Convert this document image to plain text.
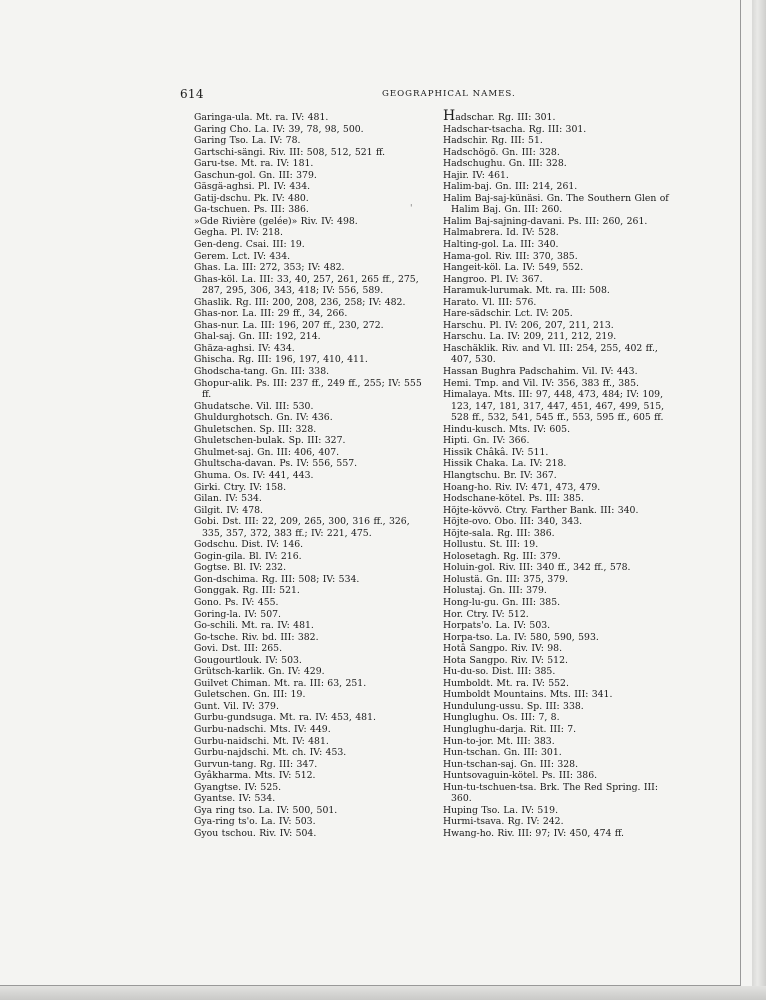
614	GEOGRAPHICAL NAMES.
'
Garinga-ula. Mt. ra. IV: 481.
Garing Cho. La. IV: 39, 78, 98, 500.
Garing Tso. La. IV: 78.
Gartschi-sängi. Riv. III: 508, 512, 521 ff.
Garu-tse. Mt. ra. IV: 181.
Gaschun-gol. Gn. III: 379.
Gäsgä-aghsi. Pl. IV: 434.
Gatij-dschu. Pk. IV: 480.
Ga-tschuen. Ps. III: 386.
»Gde Rivière (gelée)» Riv. IV: 498.
Gegha. Pl. IV: 218.
Gen-deng. Csai. III: 19.
Gerem. Lct. IV: 434.
Ghas. La. III: 272, 353; IV: 482.
Ghas-köl. La. III: 33, 40, 257, 261, 265 ff., 275, 287, 295, 306, 343, 418; IV: 556, 589.
Ghaslik. Rg. III: 200, 208, 236, 258; IV: 482.
Ghas-nor. La. III: 29 ff., 34, 266.
Ghas-nur. La. III: 196, 207 ff., 230, 272.
Ghal-saj. Gn. III: 192, 214.
Ghäza-aghsi. IV: 434.
Ghischa. Rg. III: 196, 197, 410, 411.
Ghodscha-tang. Gn. III: 338.
Ghopur-alik. Ps. III: 237 ff., 249 ff., 255; IV: 555 ff.
Ghudatsche. Vil. III: 530.
Ghuldurghotsch. Gn. IV: 436.
Ghuletschen. Sp. III: 328.
Ghuletschen-bulak. Sp. III: 327.
Ghulmet-saj. Gn. III: 406, 407.
Ghultscha-davan. Ps. IV: 556, 557.
Ghuma. Os. IV: 441, 443.
Girki. Ctry. IV: 158.
Gilan. IV: 534.
Gilgit. IV: 478.
Gobi. Dst. III: 22, 209, 265, 300, 316 ff., 326, 335, 357, 372, 383 ff.; IV: 221, 475.
Godschu. Dist. IV: 146.
Gogin-gila. Bl. IV: 216.
Gogtse. Bl. IV: 232.
Gon-dschima. Rg. III: 508; IV: 534.
Gonggak. Rg. III: 521.
Gono. Ps. IV: 455.
Goring-la. IV: 507.
Go-schili. Mt. ra. IV: 481.
Go-tsche. Riv. bd. III: 382.
Govi. Dst. III: 265.
Gougourtlouk. IV: 503.
Grütsch-karlik. Gn. IV: 429.
Guilvet Chiman. Mt. ra. III: 63, 251.
Guletschen. Gn. III: 19.
Gunt. Vil. IV: 379.
Gurbu-gundsuga. Mt. ra. IV: 453, 481.
Gurbu-nadschi. Mts. IV: 449.
Gurbu-naidschi. Mt. IV: 481.
Gurbu-najdschi. Mt. ch. IV: 453.
Gurvun-tang. Rg. III: 347.
Gyâkharma. Mts. IV: 512.
Gyangtse. IV: 525.
Gyantse. IV: 534.
Gya ring tso. La. IV: 500, 501.
Gya-ring ts'o. La. IV: 503.
Gyou tschou. Riv. IV: 504.
Hadschar. Rg. III: 301.
Hadschar-tsacha. Rg. III: 301.
Hadschir. Rg. III: 51.
Hadschögö. Gn. III: 328.
Hadschughu. Gn. III: 328.
Hajir. IV: 461.
Halim-baj. Gn. III: 214, 261.
Halim Baj-saj-künäsi. Gn. The Southern Glen of Halim Baj. Gn. III: 260.
Halim Baj-sajning-davani. Ps. III: 260, 261.
Halmabrera. Id. IV: 528.
Halting-gol. La. III: 340.
Hama-gol. Riv. III: 370, 385.
Hangeit-köl. La. IV: 549, 552.
Hangroo. Pl. IV: 367.
Haramuk-lurumak. Mt. ra. III: 508.
Harato. Vl. III: 576.
Hare-sädschir. Lct. IV: 205.
Harschu. Pl. IV: 206, 207, 211, 213.
Harschu. La. IV: 209, 211, 212, 219.
Haschäklik. Riv. and Vl. III: 254, 255, 402 ff., 407, 530.
Hassan Bughra Padschahim. Vil. IV: 443.
Hemi. Tmp. and Vil. IV: 356, 383 ff., 385.
Himalaya. Mts. III: 97, 448, 473, 484; IV: 109, 123, 147, 181, 317, 447, 451, 467, 499, 515, 528 ff., 532, 541, 545 ff., 553, 595 ff., 605 ff.
Hindu-kusch. Mts. IV: 605.
Hipti. Gn. IV: 366.
Hissik Châkâ. IV: 511.
Hissik Chaka. La. IV: 218.
Hlangtschu. Br. IV: 367.
Hoang-ho. Riv. IV: 471, 473, 479.
Hodschane-kötel. Ps. III: 385.
Höjte-kövvö. Ctry. Farther Bank. III: 340.
Höjte-ovo. Obo. III: 340, 343.
Höjte-sala. Rg. III: 386.
Hollustu. St. III: 19.
Holosetagh. Rg. III: 379.
Holuin-gol. Riv. III: 340 ff., 342 ff., 578.
Holustä. Gn. III: 375, 379.
Holustaj. Gn. III: 379.
Hong-lu-gu. Gn. III: 385.
Hor. Ctry. IV: 512.
Horpats'o. La. IV: 503.
Horpa-tso. La. IV: 580, 590, 593.
Hotâ Sangpo. Riv. IV: 98.
Hota Sangpo. Riv. IV: 512.
Hu-du-so. Dist. III: 385.
Humboldt. Mt. ra. IV: 552.
Humboldt Mountains. Mts. III: 341.
Hundulung-ussu. Sp. III: 338.
Hunglughu. Os. III: 7, 8.
Hunglughu-darja. Rit. III: 7.
Hun-to-jor. Mt. III: 383.
Hun-tschan. Gn. III: 301.
Hun-tschan-saj. Gn. III: 328.
Huntsovaguin-kötel. Ps. III: 386.
Hun-tu-tschuen-tsa. Brk. The Red Spring. III: 360.
Huping Tso. La. IV: 519.
Hurmi-tsava. Rg. IV: 242.
Hwang-ho. Riv. III: 97; IV: 450, 474 ff.
